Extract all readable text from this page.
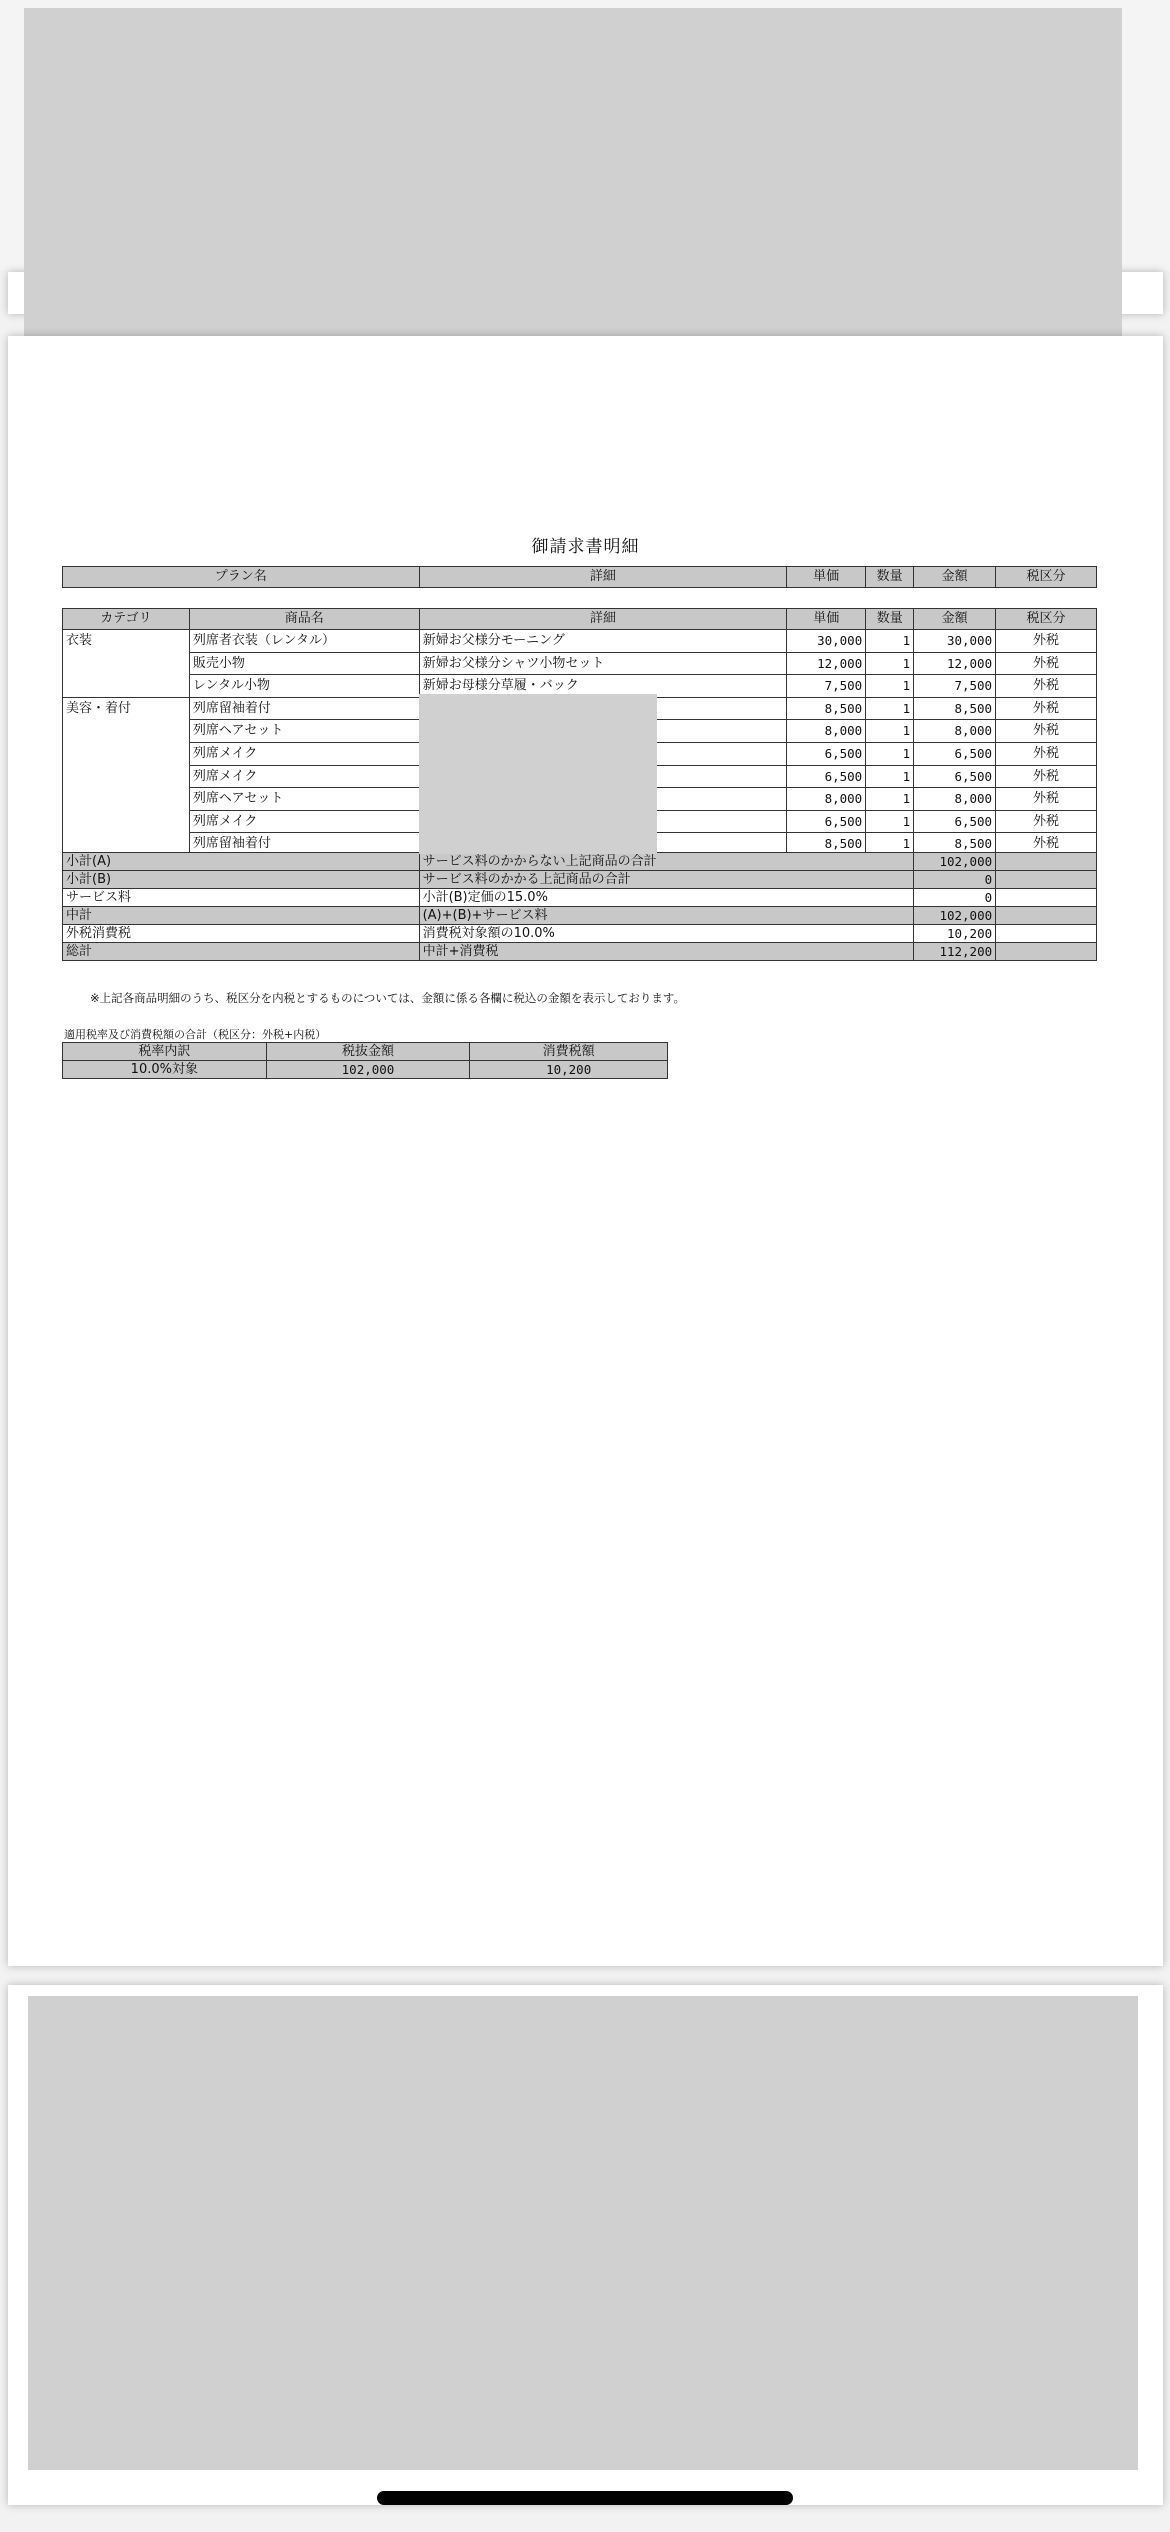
御請求書明細
プラン名	詳細	単価	数量	金額	税区分
カテゴリ	商品名	詳細	単価	数量	金額	税区分
衣装	列席者衣装（レンタル）	新婦お父様分モーニング	30,000	1	30,000	外税
	販売小物	新婦お父様分シャツ小物セット	12,000	1	12,000	外税
	レンタル小物	新婦お母様分草履・バック	7,500	1	7,500	外税
美容・着付	列席留袖着付		8,500	1	8,500	外税
	列席ヘアセット		8,000	1	8,000	外税
	列席メイク		6,500	1	6,500	外税
	列席メイク		6,500	1	6,500	外税
	列席ヘアセット		8,000	1	8,000	外税
	列席メイク		6,500	1	6,500	外税
	列席留袖着付		8,500	1	8,500	外税
小計(A)	サービス料のかからない上記商品の合計	102,000	
小計(B)	サービス料のかかる上記商品の合計	0	
サービス料	小計(B)定価の15.0%	0	
中計	(A)+(B)+サービス料	102,000	
外税消費税	消費税対象額の10.0%	10,200	
総計	中計+消費税	112,200	
※上記各商品明細のうち、税区分を内税とするものについては、金額に係る各欄に税込の金額を表示しております。
適用税率及び消費税額の合計（税区分：外税+内税）
税率内訳	税抜金額	消費税額
10.0%対象	102,000	10,200
